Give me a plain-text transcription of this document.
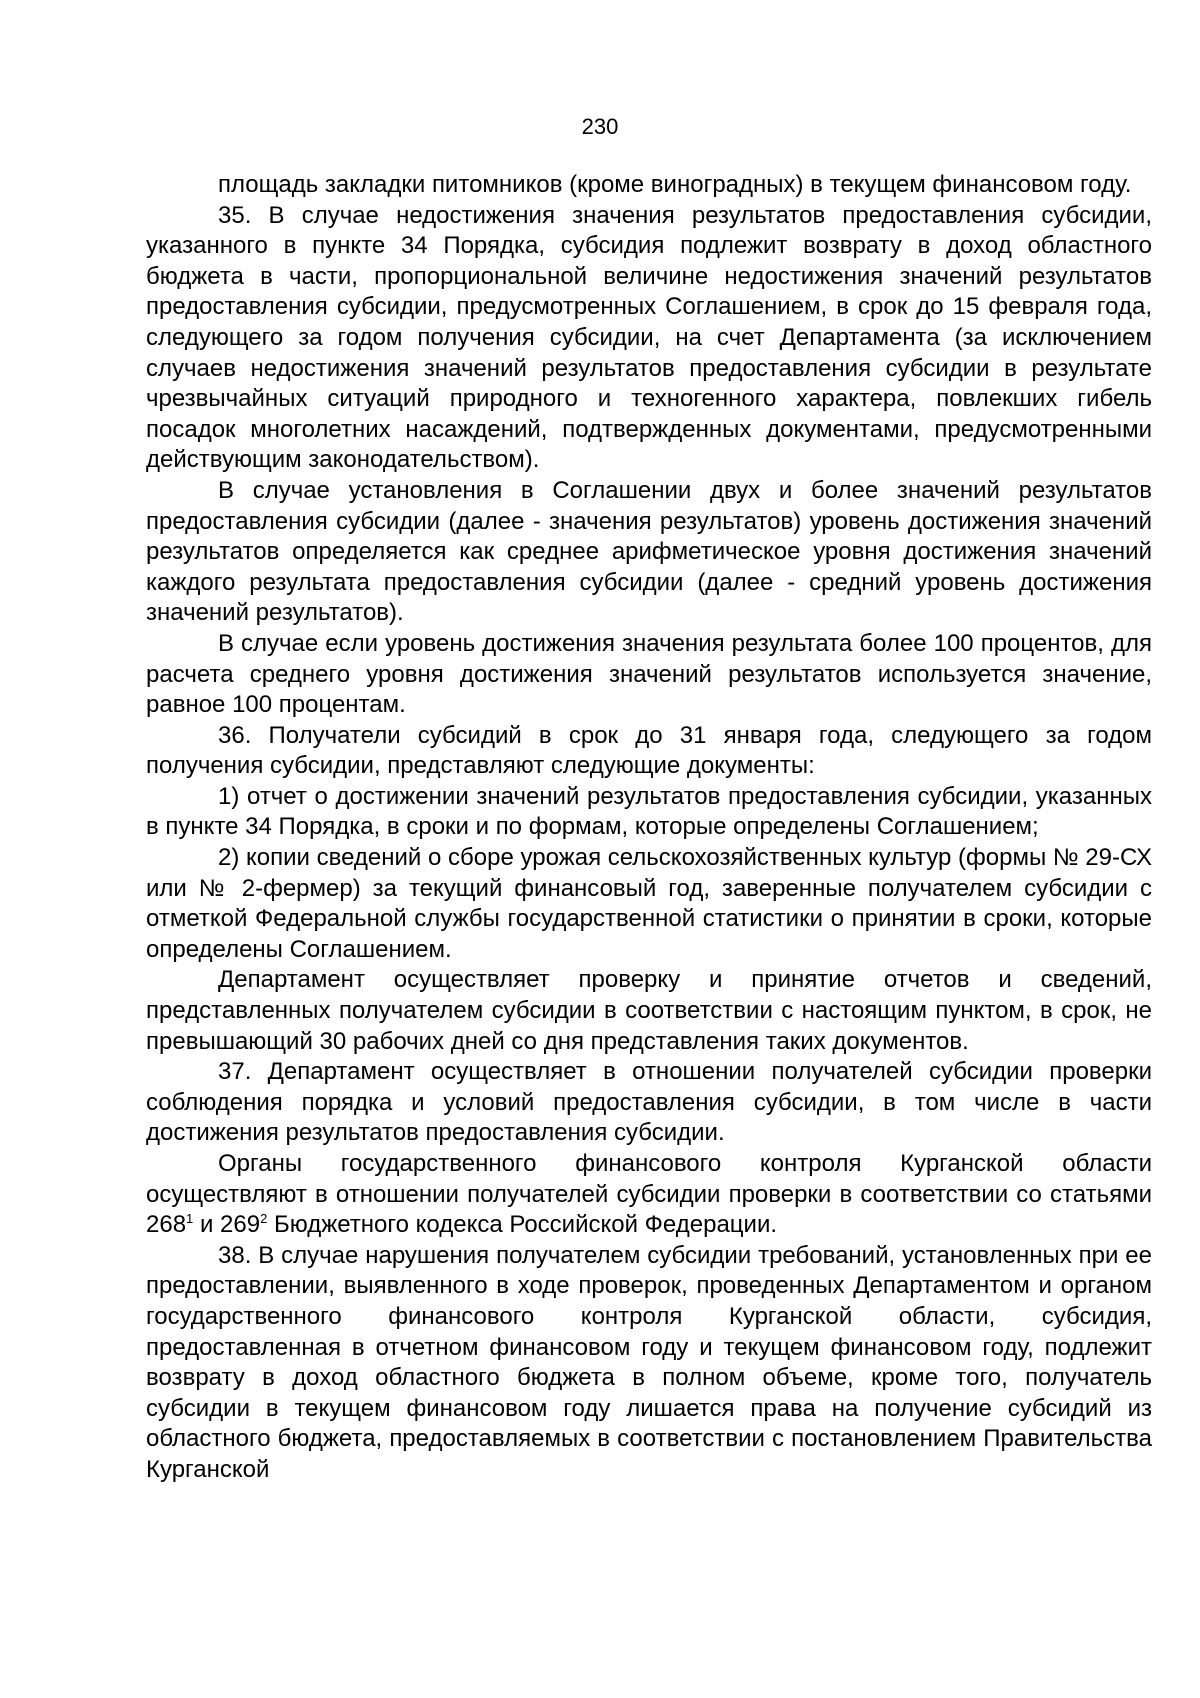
230

площадь закладки питомников (кроме виноградных) в текущем финансовом году.

35. В случае недостижения значения результатов предоставления субсидии, указанного в пункте 34 Порядка, субсидия подлежит возврату в доход областного бюджета в части, пропорциональной величине недостижения значений результатов предоставления субсидии, предусмотренных Соглашением, в срок до 15 февраля года, следующего за годом получения субсидии, на счет Департамента (за исключением случаев недостижения значений результатов предоставления субсидии в результате чрезвычайных ситуаций природного и техногенного характера, повлекших гибель посадок многолетних насаждений, подтвержденных документами, предусмотренными действующим законодательством).

В случае установления в Соглашении двух и более значений результатов предоставления субсидии (далее - значения результатов) уровень достижения значений результатов определяется как среднее арифметическое уровня достижения значений каждого результата предоставления субсидии (далее - средний уровень достижения значений результатов).

В случае если уровень достижения значения результата более 100 процентов, для расчета среднего уровня достижения значений результатов используется значение, равное 100 процентам.

36. Получатели субсидий в срок до 31 января года, следующего за годом получения субсидии, представляют следующие документы:

1) отчет о достижении значений результатов предоставления субсидии, указанных в пункте 34 Порядка, в сроки и по формам, которые определены Соглашением;

2) копии сведений о сборе урожая сельскохозяйственных культур (формы № 29-СХ или № 2-фермер) за текущий финансовый год, заверенные получателем субсидии с отметкой Федеральной службы государственной статистики о принятии в сроки, которые определены Соглашением.

Департамент осуществляет проверку и принятие отчетов и сведений, представленных получателем субсидии в соответствии с настоящим пунктом, в срок, не превышающий 30 рабочих дней со дня представления таких документов.

37. Департамент осуществляет в отношении получателей субсидии проверки соблюдения порядка и условий предоставления субсидии, в том числе в части достижения результатов предоставления субсидии.

Органы государственного финансового контроля Курганской области осуществляют в отношении получателей субсидии проверки в соответствии со статьями $268^1$ и $269^2$ Бюджетного кодекса Российской Федерации.

38. В случае нарушения получателем субсидии требований, установленных при ее предоставлении, выявленного в ходе проверок, проведенных Департаментом и органом государственного финансового контроля Курганской области, субсидия, предоставленная в отчетном финансовом году и текущем финансовом году, подлежит возврату в доход областного бюджета в полном объеме, кроме того, получатель субсидии в текущем финансовом году лишается права на получение субсидий из областного бюджета, предоставляемых в соответствии с постановлением Правительства Курганской
